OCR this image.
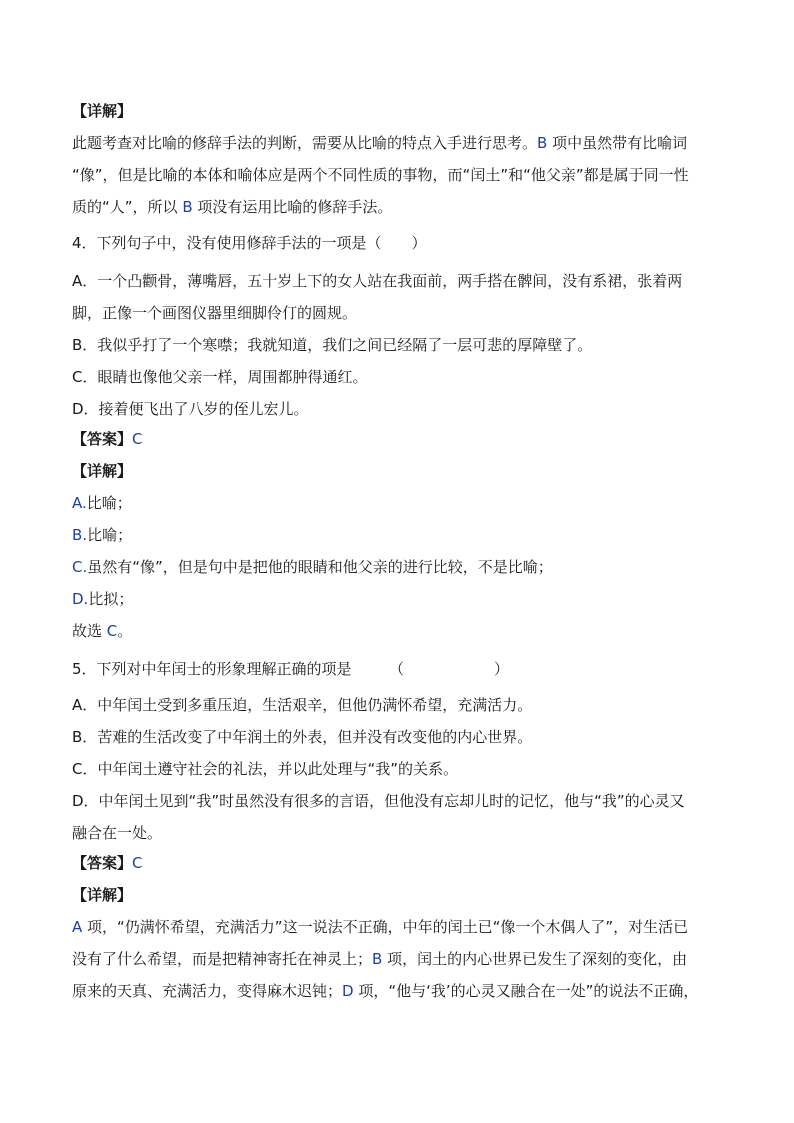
【详解】
此题考查对比喻的修辞手法的判断，需要从比喻的特点入手进行思考。B 项中虽然带有比喻词
“像”，但是比喻的本体和喻体应是两个不同性质的事物，而“闰土”和“他父亲”都是属于同一性
质的“人”，所以 B 项没有运用比喻的修辞手法。
4．下列句子中，没有使用修辞手法的一项是（　　）
A．一个凸颧骨，薄嘴唇，五十岁上下的女人站在我面前，两手搭在髀间，没有系裙，张着两
脚，正像一个画图仪器里细脚伶仃的圆规。
B．我似乎打了一个寒噤；我就知道，我们之间已经隔了一层可悲的厚障壁了。
C．眼睛也像他父亲一样，周围都肿得通红。
D．接着便飞出了八岁的侄儿宏儿。
【答案】C
【详解】
A.比喻；
B.比喻；
C.虽然有“像”，但是句中是把他的眼睛和他父亲的进行比较，不是比喻；
D.比拟；
故选 C。
5．下列对中年闰士的形象理解正确的项是　　　（　　　　　　）
A．中年闰土受到多重压迫，生活艰辛，但他仍满怀希望，充满活力。
B．苦难的生活改变了中年润土的外表，但并没有改变他的内心世界。
C．中年闰土遵守社会的礼法，并以此处理与“我”的关系。
D．中年闰土见到“我”时虽然没有很多的言语，但他没有忘却儿时的记忆，他与“我”的心灵又
融合在一处。
【答案】C
【详解】
A 项，“仍满怀希望，充满活力”这一说法不正确，中年的闰土已“像一个木偶人了”，对生活已
没有了什么希望，而是把精神寄托在神灵上；B 项，闰土的内心世界已发生了深刻的变化，由
原来的天真、充满活力，变得麻木迟钝；D 项，“他与‘我’的心灵又融合在一处”的说法不正确，
